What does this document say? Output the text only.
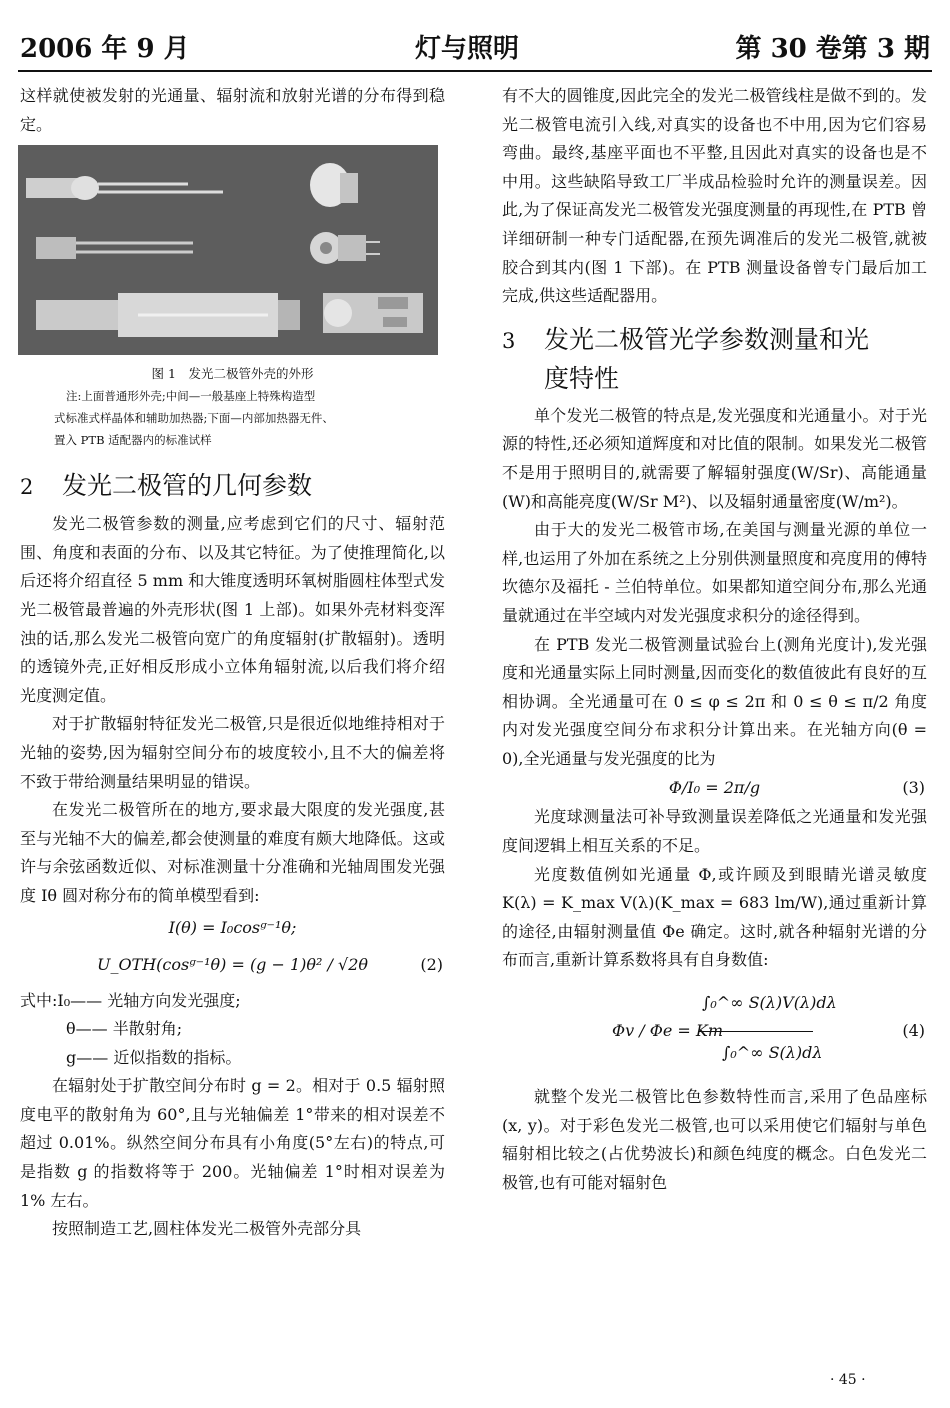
2006 年 9 月	灯与照明	第 30 卷第 3 期

这样就使被发射的光通量、辐射流和放射光谱的分布得到稳定。

图 1　发光二极管外壳的外形
注:上面普通形外壳;中间—一般基座上特殊构造型
式标准式样晶体和辅助加热器;下面—内部加热器无件、
置入 PTB 适配器内的标准试样
2 发光二极管的几何参数

发光二极管参数的测量,应考虑到它们的尺寸、辐射范围、角度和表面的分布、以及其它特征。为了使推理简化,以后还将介绍直径 5 mm 和大锥度透明环氧树脂圆柱体型式发光二极管最普遍的外壳形状(图 1 上部)。如果外壳材料变浑浊的话,那么发光二极管向宽广的角度辐射(扩散辐射)。透明的透镜外壳,正好相反形成小立体角辐射流,以后我们将介绍光度测定值。

对于扩散辐射特征发光二极管,只是很近似地维持相对于光轴的姿势,因为辐射空间分布的坡度较小,且不大的偏差将不致于带给测量结果明显的错误。

在发光二极管所在的地方,要求最大限度的发光强度,甚至与光轴不大的偏差,都会使测量的难度有颇大地降低。这或许与余弦函数近似、对标准测量十分准确和光轴周围发光强度 Iθ 圆对称分布的简单模型看到:

I(θ) = I₀cosᵍ⁻¹θ;
U_OTH(cosᵍ⁻¹θ) = (g − 1)θ² / √2θ	(2)
式中:I₀—— 光轴方向发光强度;
θ—— 半散射角;
g—— 近似指数的指标。

在辐射处于扩散空间分布时 g = 2。相对于 0.5 辐射照度电平的散射角为 60°,且与光轴偏差 1°带来的相对误差不超过 0.01%。纵然空间分布具有小角度(5°左右)的特点,可是指数 g 的指数将等于 200。光轴偏差 1°时相对误差为 1% 左右。

按照制造工艺,圆柱体发光二极管外壳部分具

有不大的圆锥度,因此完全的发光二极管线柱是做不到的。发光二极管电流引入线,对真实的设备也不中用,因为它们容易弯曲。最终,基座平面也不平整,且因此对真实的设备也是不中用。这些缺陷导致工厂半成品检验时允许的测量误差。因此,为了保证高发光二极管发光强度测量的再现性,在 PTB 曾详细研制一种专门适配器,在预先调准后的发光二极管,就被胶合到其内(图 1 下部)。在 PTB 测量设备曾专门最后加工完成,供这些适配器用。

3 发光二极管光学参数测量和光
度特性

单个发光二极管的特点是,发光强度和光通量小。对于光源的特性,还必须知道辉度和对比值的限制。如果发光二极管不是用于照明目的,就需要了解辐射强度(W/Sr)、高能通量(W)和高能亮度(W/Sr M²)、以及辐射通量密度(W/m²)。

由于大的发光二极管市场,在美国与测量光源的单位一样,也运用了外加在系统之上分别供测量照度和亮度用的傅特坎德尔及福托 - 兰伯特单位。如果都知道空间分布,那么光通量就通过在半空域内对发光强度求积分的途径得到。

在 PTB 发光二极管测量试验台上(测角光度计),发光强度和光通量实际上同时测量,因而变化的数值彼此有良好的互相协调。全光通量可在 0 ≤ φ ≤ 2π 和 0 ≤ θ ≤ π/2 角度内对发光强度空间分布求积分计算出来。在光轴方向(θ = 0),全光通量与发光强度的比为

Φ/I₀ = 2π/g	(3)

光度球测量法可补导致测量误差降低之光通量和发光强度间逻辑上相互关系的不足。

光度数值例如光通量 Φ,或许顾及到眼睛光谱灵敏度 K(λ) = K_max V(λ)(K_max = 683 lm/W),通过重新计算的途径,由辐射测量值 Φe 确定。这时,就各种辐射光谱的分布而言,重新计算系数将具有自身数值:

Φv / Φe = Km
∫₀^∞ S(λ)V(λ)dλ
∫₀^∞ S(λ)dλ
(4)

就整个发光二极管比色参数特性而言,采用了色品座标(x, y)。对于彩色发光二极管,也可以采用使它们辐射与单色辐射相比较之(占优势波长)和颜色纯度的概念。白色发光二极管,也有可能对辐射色

· 45 ·
